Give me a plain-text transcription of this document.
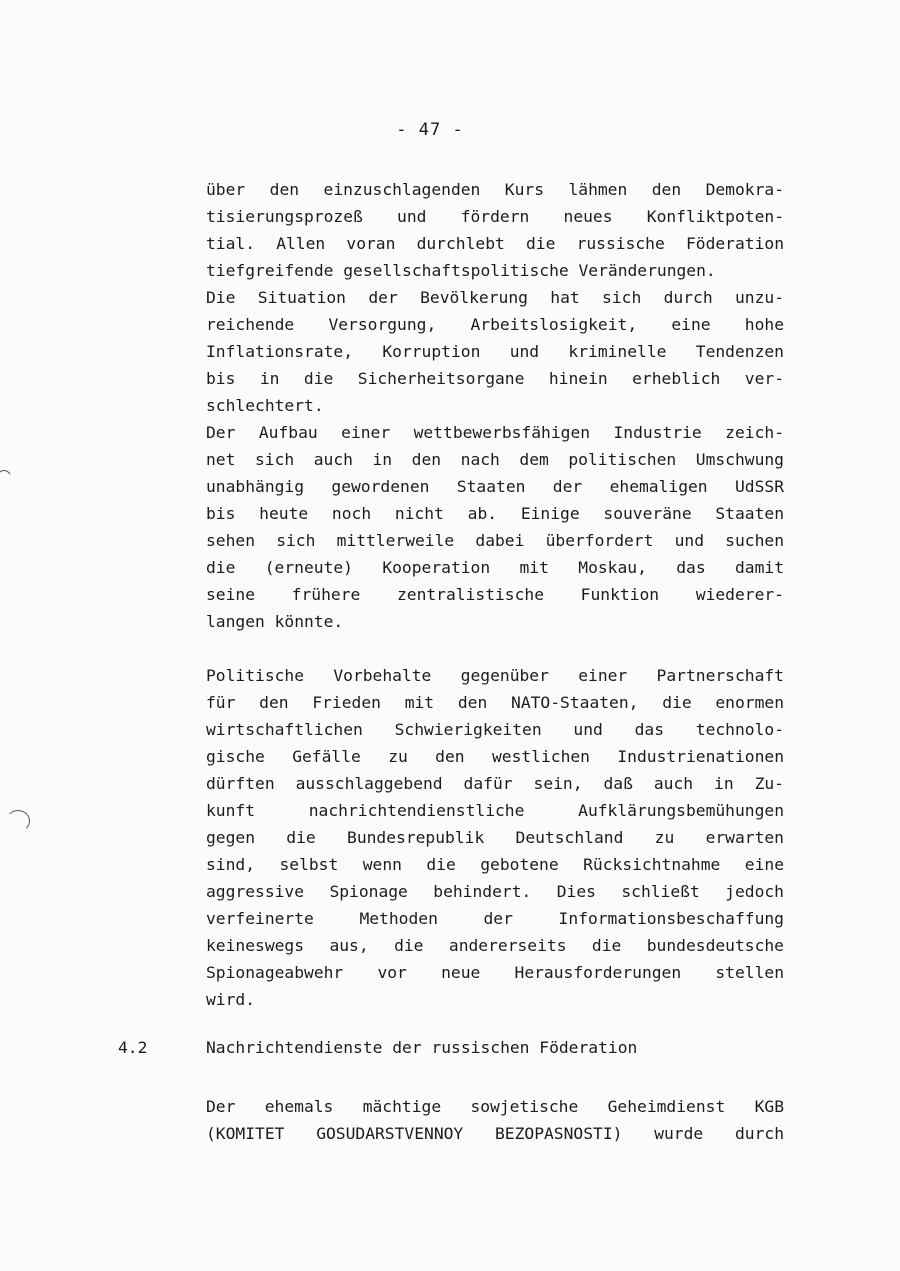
- 47 -
über den einzuschlagenden Kurs lähmen den Demokra-
tisierungsprozeß und fördern neues Konfliktpoten-
tial. Allen voran durchlebt die russische Föderation
tiefgreifende gesellschaftspolitische Veränderungen.
Die Situation der Bevölkerung hat sich durch unzu-
reichende Versorgung, Arbeitslosigkeit, eine hohe
Inflationsrate, Korruption und kriminelle Tendenzen
bis in die Sicherheitsorgane hinein erheblich ver-
schlechtert.
Der Aufbau einer wettbewerbsfähigen Industrie zeich-
net sich auch in den nach dem politischen Umschwung
unabhängig gewordenen Staaten der ehemaligen UdSSR
bis heute noch nicht ab. Einige souveräne Staaten
sehen sich mittlerweile dabei überfordert und suchen
die (erneute) Kooperation mit Moskau, das damit
seine frühere zentralistische Funktion wiederer-
langen könnte.
Politische Vorbehalte gegenüber einer Partnerschaft
für den Frieden mit den NATO-Staaten, die enormen
wirtschaftlichen Schwierigkeiten und das technolo-
gische Gefälle zu den westlichen Industrienationen
dürften ausschlaggebend dafür sein, daß auch in Zu-
kunft nachrichtendienstliche Aufklärungsbemühungen
gegen die Bundesrepublik Deutschland zu erwarten
sind, selbst wenn die gebotene Rücksichtnahme eine
aggressive Spionage behindert. Dies schließt jedoch
verfeinerte Methoden der Informationsbeschaffung
keineswegs aus, die andererseits die bundesdeutsche
Spionageabwehr vor neue Herausforderungen stellen
wird.
4.2	Nachrichtendienste der russischen Föderation
Der ehemals mächtige sowjetische Geheimdienst KGB
(KOMITET GOSUDARSTVENNOY BEZOPASNOSTI) wurde durch
